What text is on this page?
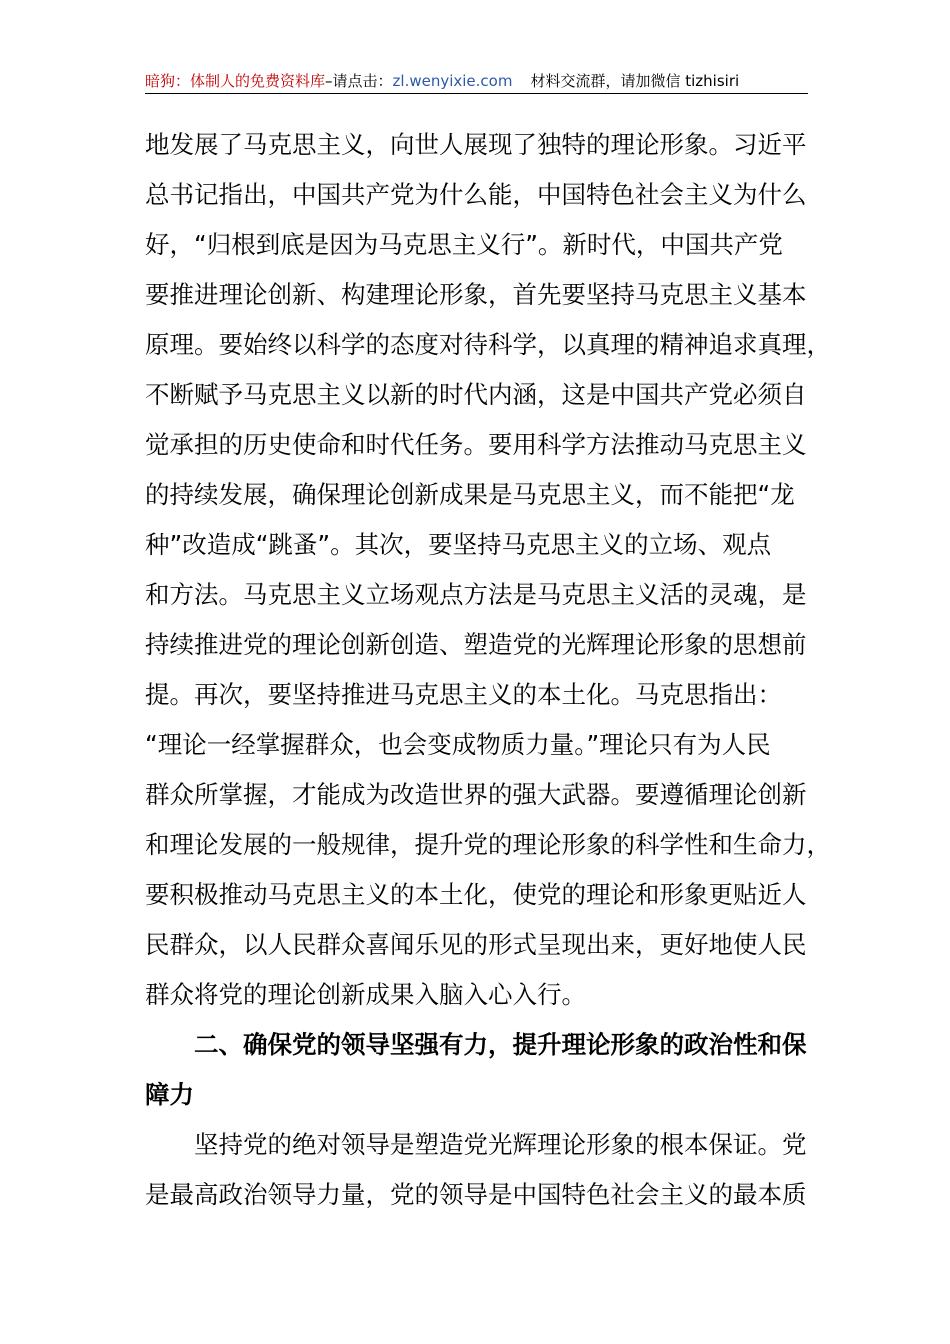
暗狗：体制人的免费资料库–请点击：zl.wenyixie.com 材料交流群，请加微信 tizhisiri
地发展了马克思主义，向世人展现了独特的理论形象。习近平
总书记指出，中国共产党为什么能，中国特色社会主义为什么
好，“归根到底是因为马克思主义行”。新时代，中国共产党
要推进理论创新、构建理论形象，首先要坚持马克思主义基本
原理。要始终以科学的态度对待科学，以真理的精神追求真理，
不断赋予马克思主义以新的时代内涵，这是中国共产党必须自
觉承担的历史使命和时代任务。要用科学方法推动马克思主义
的持续发展，确保理论创新成果是马克思主义，而不能把“龙
种”改造成“跳蚤”。其次，要坚持马克思主义的立场、观点
和方法。马克思主义立场观点方法是马克思主义活的灵魂，是
持续推进党的理论创新创造、塑造党的光辉理论形象的思想前
提。再次，要坚持推进马克思主义的本土化。马克思指出：
“理论一经掌握群众，也会变成物质力量。”理论只有为人民
群众所掌握，才能成为改造世界的强大武器。要遵循理论创新
和理论发展的一般规律，提升党的理论形象的科学性和生命力，
要积极推动马克思主义的本土化，使党的理论和形象更贴近人
民群众，以人民群众喜闻乐见的形式呈现出来，更好地使人民
群众将党的理论创新成果入脑入心入行。
二、确保党的领导坚强有力，提升理论形象的政治性和保
障力
坚持党的绝对领导是塑造党光辉理论形象的根本保证。党
是最高政治领导力量，党的领导是中国特色社会主义的最本质
